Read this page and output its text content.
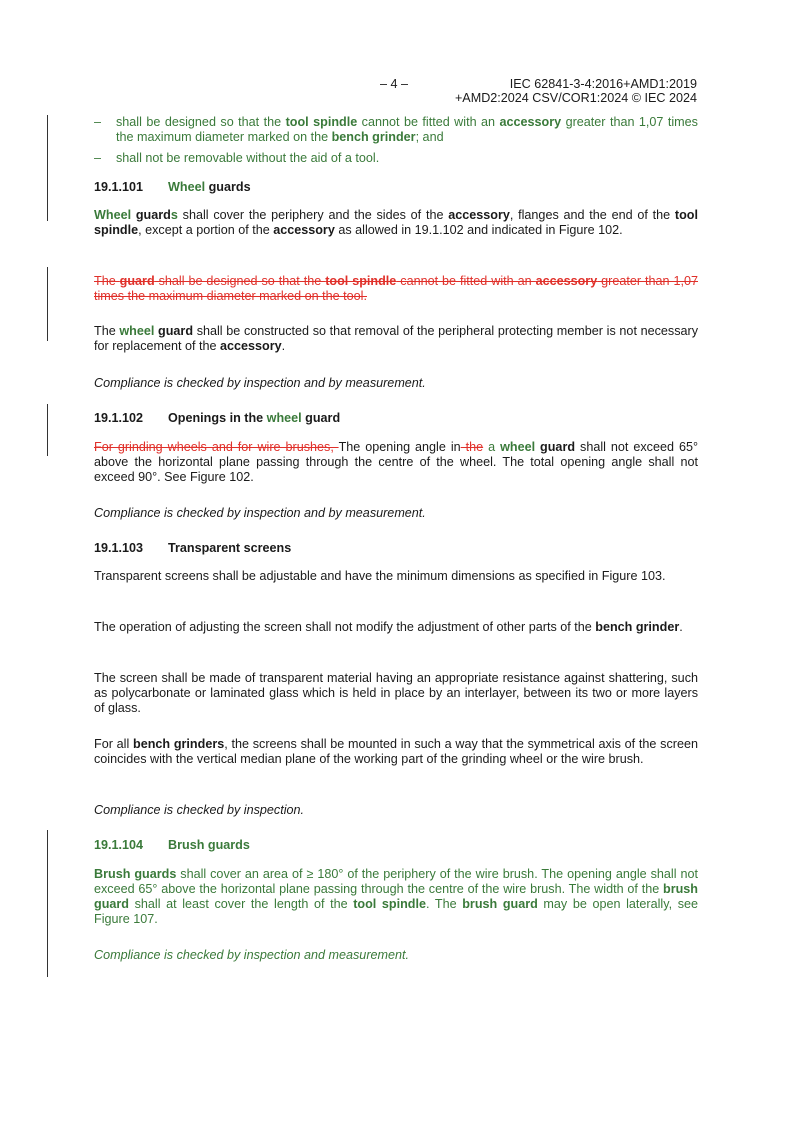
– 4 –	IEC 62841-3-4:2016+AMD1:2019
+AMD2:2024 CSV/COR1:2024 © IEC 2024
– shall be designed so that the tool spindle cannot be fitted with an accessory greater than 1,07 times the maximum diameter marked on the bench grinder; and
– shall not be removable without the aid of a tool.
19.1.101 Wheel guards
Wheel guards shall cover the periphery and the sides of the accessory, flanges and the end of the tool spindle, except a portion of the accessory as allowed in 19.1.102 and indicated in Figure 102.
The guard shall be designed so that the tool spindle cannot be fitted with an accessory greater than 1,07 times the maximum diameter marked on the tool.
The wheel guard shall be constructed so that removal of the peripheral protecting member is not necessary for replacement of the accessory.
Compliance is checked by inspection and by measurement.
19.1.102 Openings in the wheel guard
For grinding wheels and for wire brushes, The opening angle in the a wheel guard shall not exceed 65° above the horizontal plane passing through the centre of the wheel. The total opening angle shall not exceed 90°. See Figure 102.
Compliance is checked by inspection and by measurement.
19.1.103 Transparent screens
Transparent screens shall be adjustable and have the minimum dimensions as specified in Figure 103.
The operation of adjusting the screen shall not modify the adjustment of other parts of the bench grinder.
The screen shall be made of transparent material having an appropriate resistance against shattering, such as polycarbonate or laminated glass which is held in place by an interlayer, between its two or more layers of glass.
For all bench grinders, the screens shall be mounted in such a way that the symmetrical axis of the screen coincides with the vertical median plane of the working part of the grinding wheel or the wire brush.
Compliance is checked by inspection.
19.1.104 Brush guards
Brush guards shall cover an area of ≥ 180° of the periphery of the wire brush. The opening angle shall not exceed 65° above the horizontal plane passing through the centre of the wire brush. The width of the brush guard shall at least cover the length of the tool spindle. The brush guard may be open laterally, see Figure 107.
Compliance is checked by inspection and measurement.
